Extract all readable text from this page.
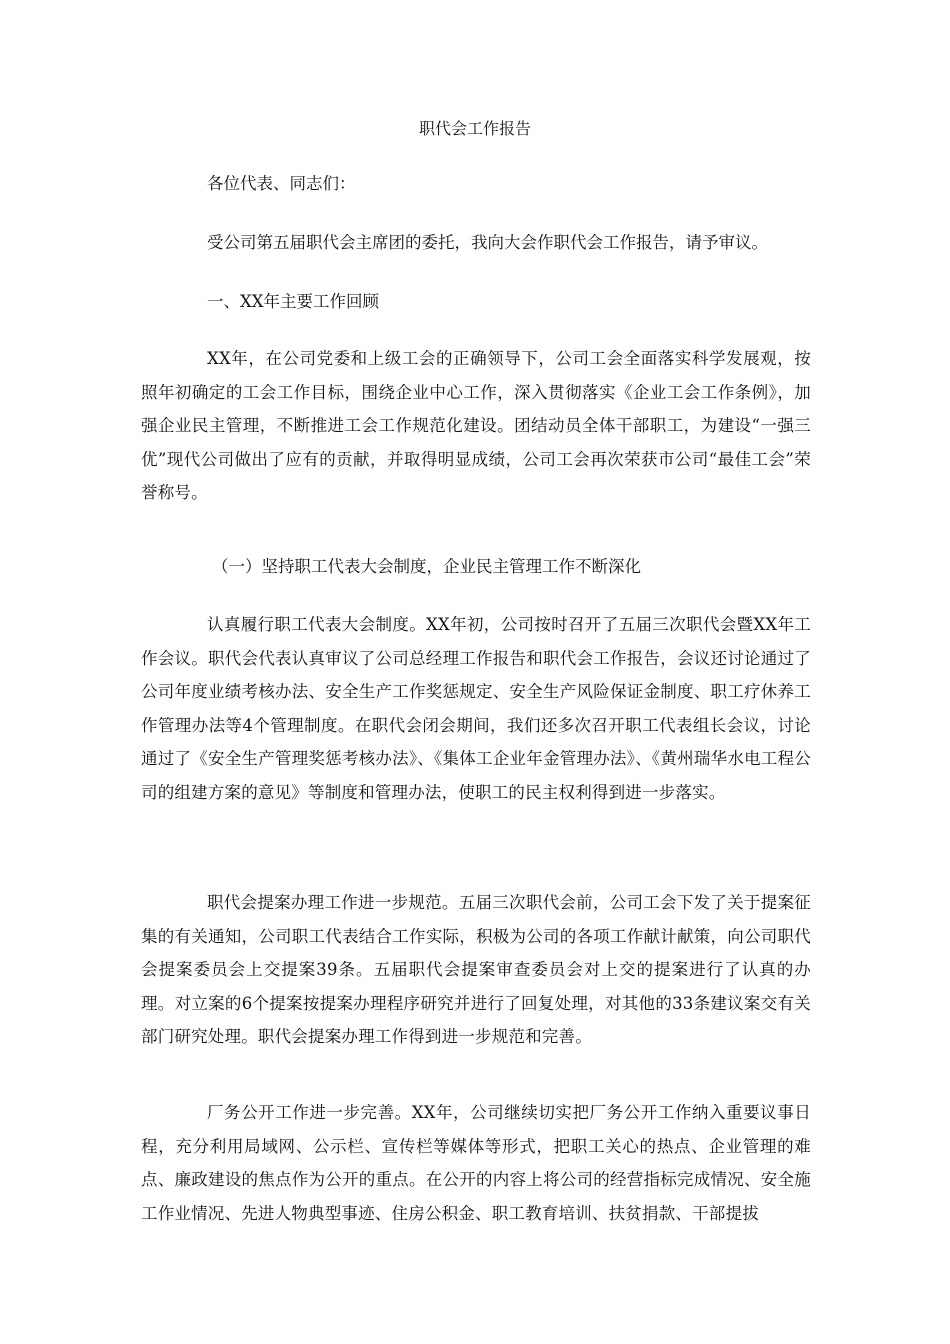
职代会工作报告

各位代表、同志们：

受公司第五届职代会主席团的委托，我向大会作职代会工作报告，请予审议。

一、XX年主要工作回顾

XX年，在公司党委和上级工会的正确领导下，公司工会全面落实科学发展观，按照年初确定的工会工作目标，围绕企业中心工作，深入贯彻落实《企业工会工作条例》，加强企业民主管理，不断推进工会工作规范化建设。团结动员全体干部职工，为建设“一强三优”现代公司做出了应有的贡献，并取得明显成绩，公司工会再次荣获市公司“最佳工会”荣誉称号。

（一）坚持职工代表大会制度，企业民主管理工作不断深化

认真履行职工代表大会制度。XX年初，公司按时召开了五届三次职代会暨XX年工作会议。职代会代表认真审议了公司总经理工作报告和职代会工作报告，会议还讨论通过了公司年度业绩考核办法、安全生产工作奖惩规定、安全生产风险保证金制度、职工疗休养工作管理办法等4个管理制度。在职代会闭会期间，我们还多次召开职工代表组长会议，讨论通过了《安全生产管理奖惩考核办法》、《集体工企业年金管理办法》、《黄州瑞华水电工程公司的组建方案的意见》等制度和管理办法，使职工的民主权利得到进一步落实。

职代会提案办理工作进一步规范。五届三次职代会前，公司工会下发了关于提案征集的有关通知，公司职工代表结合工作实际，积极为公司的各项工作献计献策，向公司职代会提案委员会上交提案39条。五届职代会提案审查委员会对上交的提案进行了认真的办理。对立案的6个提案按提案办理程序研究并进行了回复处理，对其他的33条建议案交有关部门研究处理。职代会提案办理工作得到进一步规范和完善。

厂务公开工作进一步完善。XX年，公司继续切实把厂务公开工作纳入重要议事日程，充分利用局域网、公示栏、宣传栏等媒体等形式，把职工关心的热点、企业管理的难点、廉政建设的焦点作为公开的重点。在公开的内容上将公司的经营指标完成情况、安全施工作业情况、先进人物典型事迹、住房公积金、职工教育培训、扶贫捐款、干部提拔
